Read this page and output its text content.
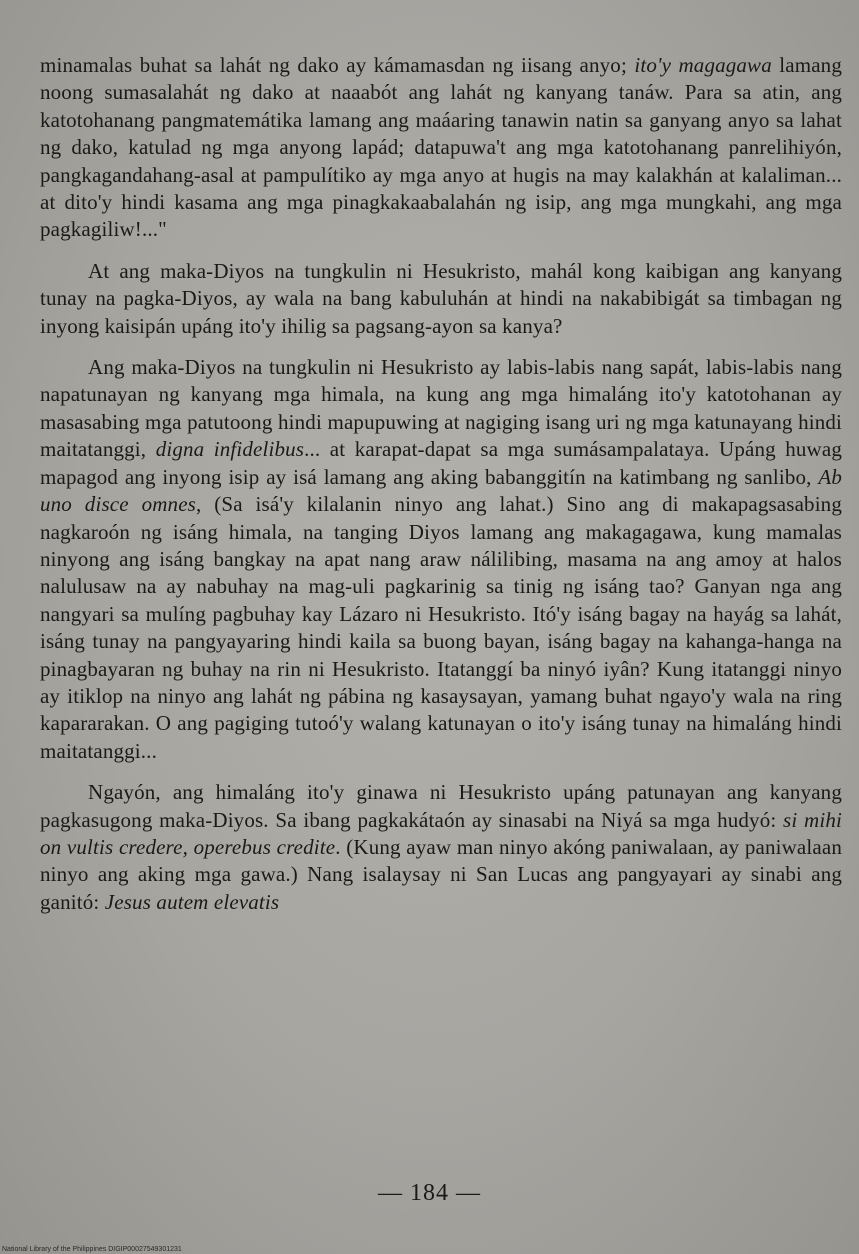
minamalas buhat sa lahát ng dako ay kámamasdan ng iisang anyo; ito'y magagawa lamang noong sumasalahát ng dako at naaabót ang lahát ng kanyang tanáw. Para sa atin, ang katotohanang pangmatemátika lamang ang maáaring tanawin natin sa ganyang anyo sa lahat ng dako, katulad ng mga anyong lapád; datapuwa't ang mga katotohanang panrelihiyón, pangkagandahang-asal at pampulítiko ay mga anyo at hugis na may kalakhán at kalaliman... at dito'y hindi kasama ang mga pinagkakaabalahán ng isip, ang mga mungkahi, ang mga pagkagiliw!..."

At ang maka-Diyos na tungkulin ni Hesukristo, mahál kong kaibigan ang kanyang tunay na pagka-Diyos, ay wala na bang kabuluhán at hindi na nakabibigát sa timbagan ng inyong kaisipán upáng ito'y ihilig sa pagsang-ayon sa kanya?

Ang maka-Diyos na tungkulin ni Hesukristo ay labis-labis nang sapát, labis-labis nang napatunayan ng kanyang mga himala, na kung ang mga himaláng ito'y katotohanan ay masasabing mga patutoong hindi mapupuwing at nagiging isang uri ng mga katunayang hindi maitatanggi, digna infidelibus... at karapat-dapat sa mga sumásampalataya. Upáng huwag mapagod ang inyong isip ay isá lamang ang aking babanggitín na katimbang ng sanlibo, Ab uno disce omnes, (Sa isá'y kilalanin ninyo ang lahat.) Sino ang di makapagsasabing nagkaroón ng isáng himala, na tanging Diyos lamang ang makagagawa, kung mamalas ninyong ang isáng bangkay na apat nang araw nálilibing, masama na ang amoy at halos nalulusaw na ay nabuhay na mag-uli pagkarinig sa tinig ng isáng tao? Ganyan nga ang nangyari sa mulíng pagbuhay kay Lázaro ni Hesukristo. Itó'y isáng bagay na hayág sa lahát, isáng tunay na pangyayaring hindi kaila sa buong bayan, isáng bagay na kahanga-hanga na pinagbayaran ng buhay na rin ni Hesukristo. Itatanggí ba ninyó iyân? Kung itatanggi ninyo ay itiklop na ninyo ang lahát ng pábina ng kasaysayan, yamang buhat ngayo'y wala na ring kapararakan. O ang pagiging tutoó'y walang katunayan o ito'y isáng tunay na himaláng hindi maitatanggi...

Ngayón, ang himaláng ito'y ginawa ni Hesukristo upáng patunayan ang kanyang pagkasugong maka-Diyos. Sa ibang pagkakátaón ay sinasabi na Niyá sa mga hudyó: si mihi on vultis credere, operebus credite. (Kung ayaw man ninyo akóng paniwalaan, ay paniwalaan ninyo ang aking mga gawa.) Nang isalaysay ni San Lucas ang pangyayari ay sinabi ang ganitó: Jesus autem elevatis

— 184 —
National Library of the Philippines DIGIP00027549301231
